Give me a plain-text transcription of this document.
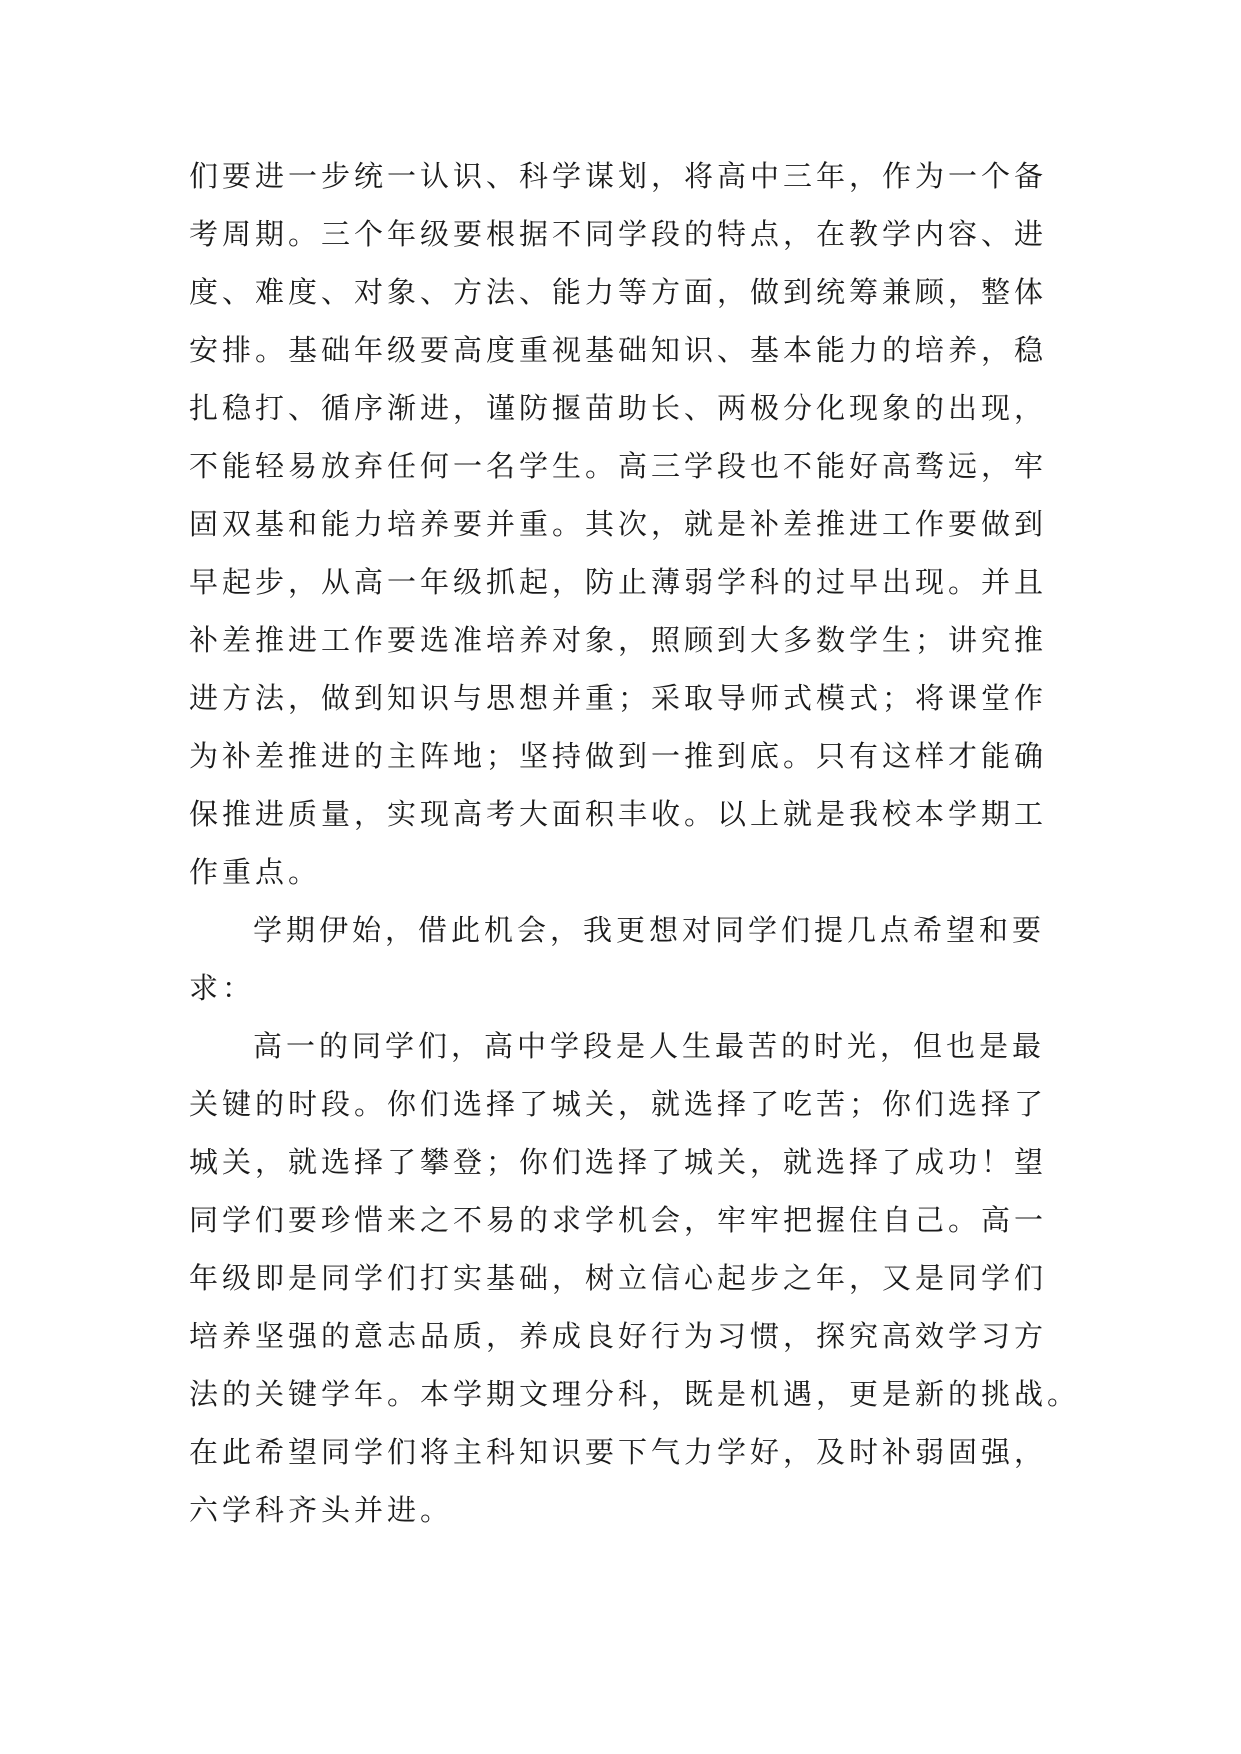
们要进一步统一认识、科学谋划，将高中三年，作为一个备
考周期。三个年级要根据不同学段的特点，在教学内容、进
度、难度、对象、方法、能力等方面，做到统筹兼顾，整体
安排。基础年级要高度重视基础知识、基本能力的培养，稳
扎稳打、循序渐进，谨防揠苗助长、两极分化现象的出现，
不能轻易放弃任何一名学生。高三学段也不能好高骛远，牢
固双基和能力培养要并重。其次，就是补差推进工作要做到
早起步，从高一年级抓起，防止薄弱学科的过早出现。并且
补差推进工作要选准培养对象，照顾到大多数学生；讲究推
进方法，做到知识与思想并重；采取导师式模式；将课堂作
为补差推进的主阵地；坚持做到一推到底。只有这样才能确
保推进质量，实现高考大面积丰收。以上就是我校本学期工
作重点。
学期伊始，借此机会，我更想对同学们提几点希望和要
求：
高一的同学们，高中学段是人生最苦的时光，但也是最
关键的时段。你们选择了城关，就选择了吃苦；你们选择了
城关，就选择了攀登；你们选择了城关，就选择了成功！望
同学们要珍惜来之不易的求学机会，牢牢把握住自己。高一
年级即是同学们打实基础，树立信心起步之年，又是同学们
培养坚强的意志品质，养成良好行为习惯，探究高效学习方
法的关键学年。本学期文理分科，既是机遇，更是新的挑战。
在此希望同学们将主科知识要下气力学好，及时补弱固强，
六学科齐头并进。
